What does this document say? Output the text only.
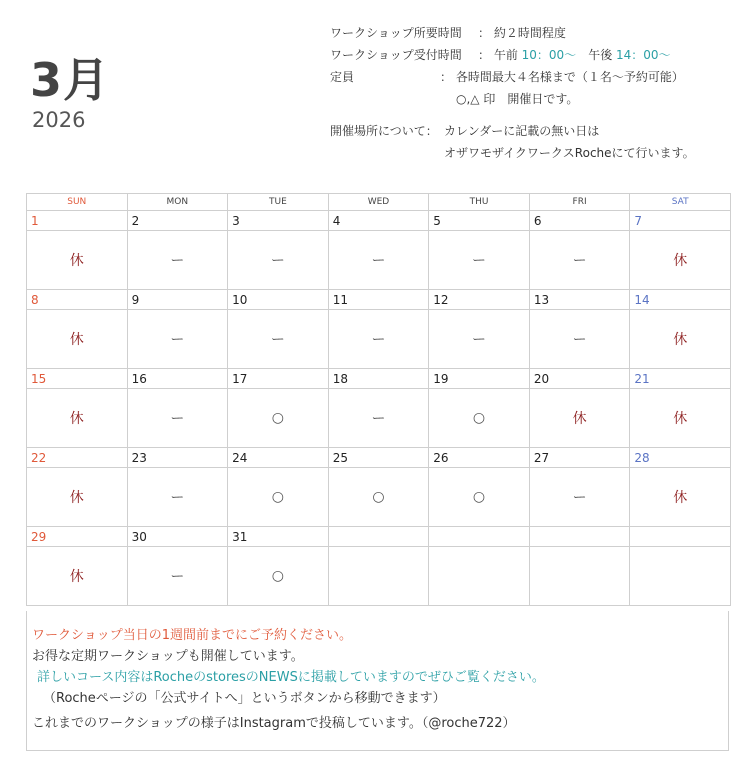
3月
2026
ワークショップ所要時間 ： 約２時間程度
ワークショップ受付時間 ： 午前 10：00〜　午後 14：00〜
定員	： 各時間最大４名様まで（１名〜予約可能）
○,△ 印　開催日です。
開催場所について： カレンダーに記載の無い日は
オザワモザイクワークスRocheにて行います。
SUN	MON	TUE	WED	THU	FRI	SAT
1	2	3	4	5	6	7
休	ー	ー	ー	ー	ー	休
8	9	10	11	12	13	14
休	ー	ー	ー	ー	ー	休
15	16	17	18	19	20	21
休	ー	○	ー	○	休	休
22	23	24	25	26	27	28
休	ー	○	○	○	ー	休
29	30	31				
休	ー	○				
ワークショップ当日の1週間前までにご予約ください。
お得な定期ワークショップも開催しています。
詳しいコース内容はRocheのstoresのNEWSに掲載していますのでぜひご覧ください。
（Rocheページの「公式サイトへ」というボタンから移動できます）
これまでのワークショップの様子はInstagramで投稿しています。（@roche722）
